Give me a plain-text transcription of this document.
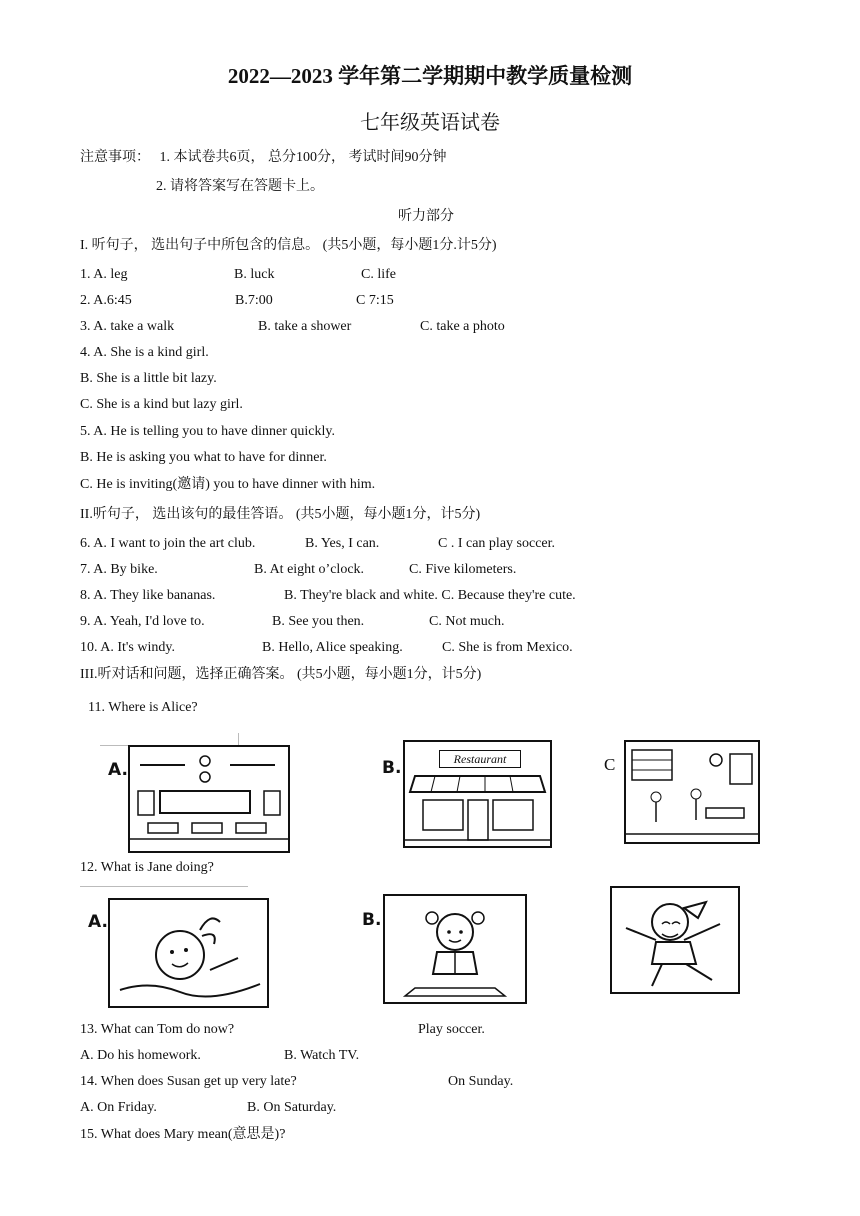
2022—2023 学年第二学期期中教学质量检测
七年级英语试卷
注意事项： 1. 本试卷共6页， 总分100分， 考试时间90分钟
2. 请将答案写在答题卡上。
听力部分
I. 听句子， 选出句子中所包含的信息。 (共5小题，每小题1分.计5分)
1. A. leg	B. luck	C. life
2. A.6:45	B.7:00	C 7:15
3. A. take a walk	B. take a shower	C. take a photo
4. A. She is a kind girl.
B. She is a little bit lazy.
C. She is a kind but lazy girl.
5. A. He is telling you to have dinner quickly.
B. He is asking you what to have for dinner.
C. He is inviting(邀请) you to have dinner with him.
II.听句子， 选出该句的最佳答语。 (共5小题，每小题1分，计5分)
6. A. I want to join the art club.	B. Yes, I can.	C . I can play soccer.
7. A. By bike.	B. At eight o’clock.	C. Five kilometers.
8. A. They like bananas.	B. They're black and white. C. Because they're cute.
9. A. Yeah, I'd love to.	B. See you then.	C. Not much.
10. A. It's windy.	B. Hello, Alice speaking.	C. She is from Mexico.
III.听对话和问题，选择正确答案。 (共5小题，每小题1分，计5分)
11. Where is Alice?
A.	B.	Restaurant	C
12. What is Jane doing?
A.	B.
13. What can Tom do now?	Play soccer.
A. Do his homework.	B. Watch TV.
14. When does Susan get up very late?	On Sunday.
A. On Friday.	B. On Saturday.
15. What does Mary mean(意思是)?
